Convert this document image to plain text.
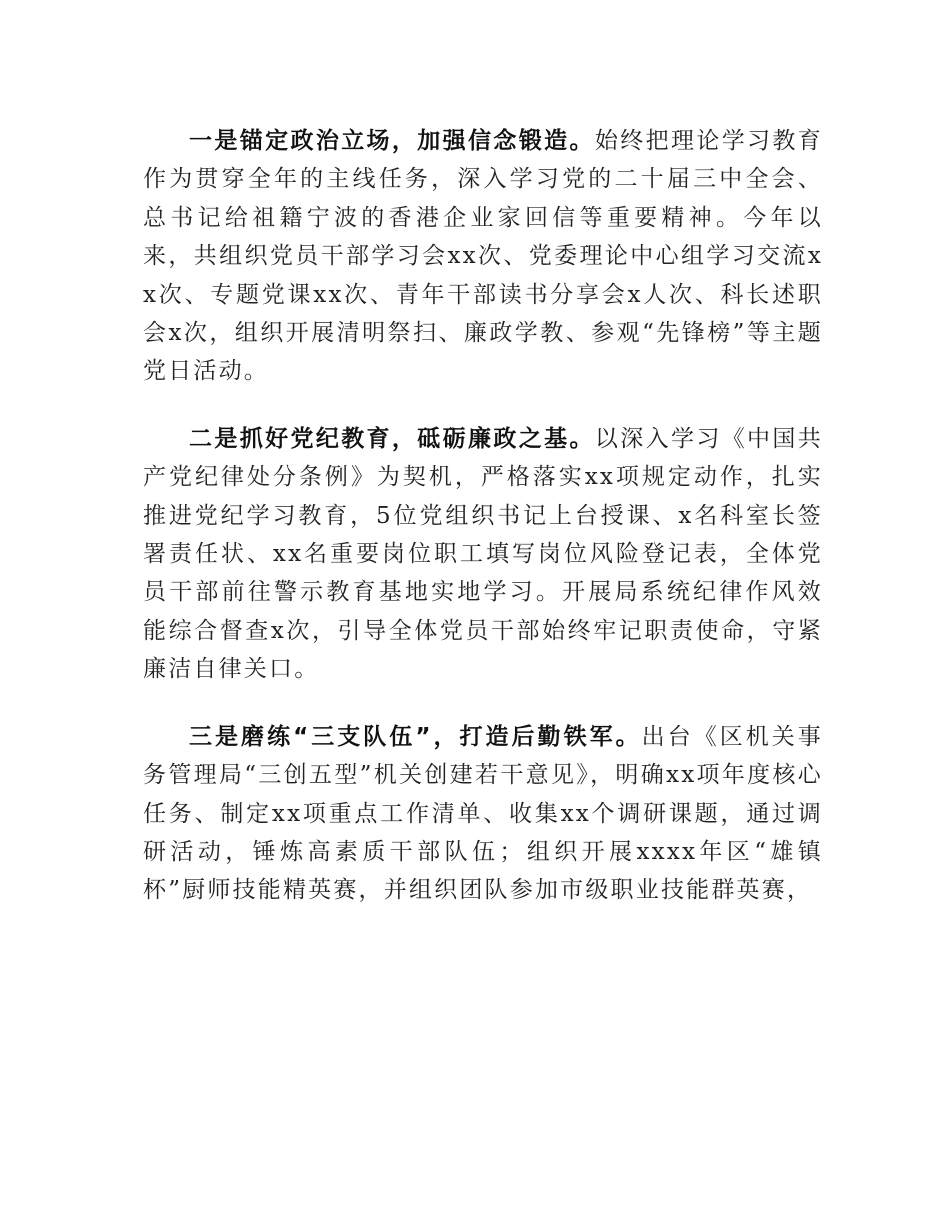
一是锚定政治立场，加强信念锻造。始终把理论学习教育作为贯穿全年的主线任务，深入学习党的二十届三中全会、总书记给祖籍宁波的香港企业家回信等重要精神。今年以来，共组织党员干部学习会xx次、党委理论中心组学习交流xx次、专题党课xx次、青年干部读书分享会x人次、科长述职会x次，组织开展清明祭扫、廉政学教、参观“先锋榜”等主题党日活动。

二是抓好党纪教育，砥砺廉政之基。以深入学习《中国共产党纪律处分条例》为契机，严格落实xx项规定动作，扎实推进党纪学习教育，5位党组织书记上台授课、x名科室长签署责任状、xx名重要岗位职工填写岗位风险登记表，全体党员干部前往警示教育基地实地学习。开展局系统纪律作风效能综合督查x次，引导全体党员干部始终牢记职责使命，守紧廉洁自律关口。

三是磨练“三支队伍”，打造后勤铁军。出台《区机关事务管理局“三创五型”机关创建若干意见》，明确xx项年度核心任务、制定xx项重点工作清单、收集xx个调研课题，通过调研活动，锤炼高素质干部队伍；组织开展xxxx年区“雄镇杯”厨师技能精英赛，并组织团队参加市级职业技能群英赛，
